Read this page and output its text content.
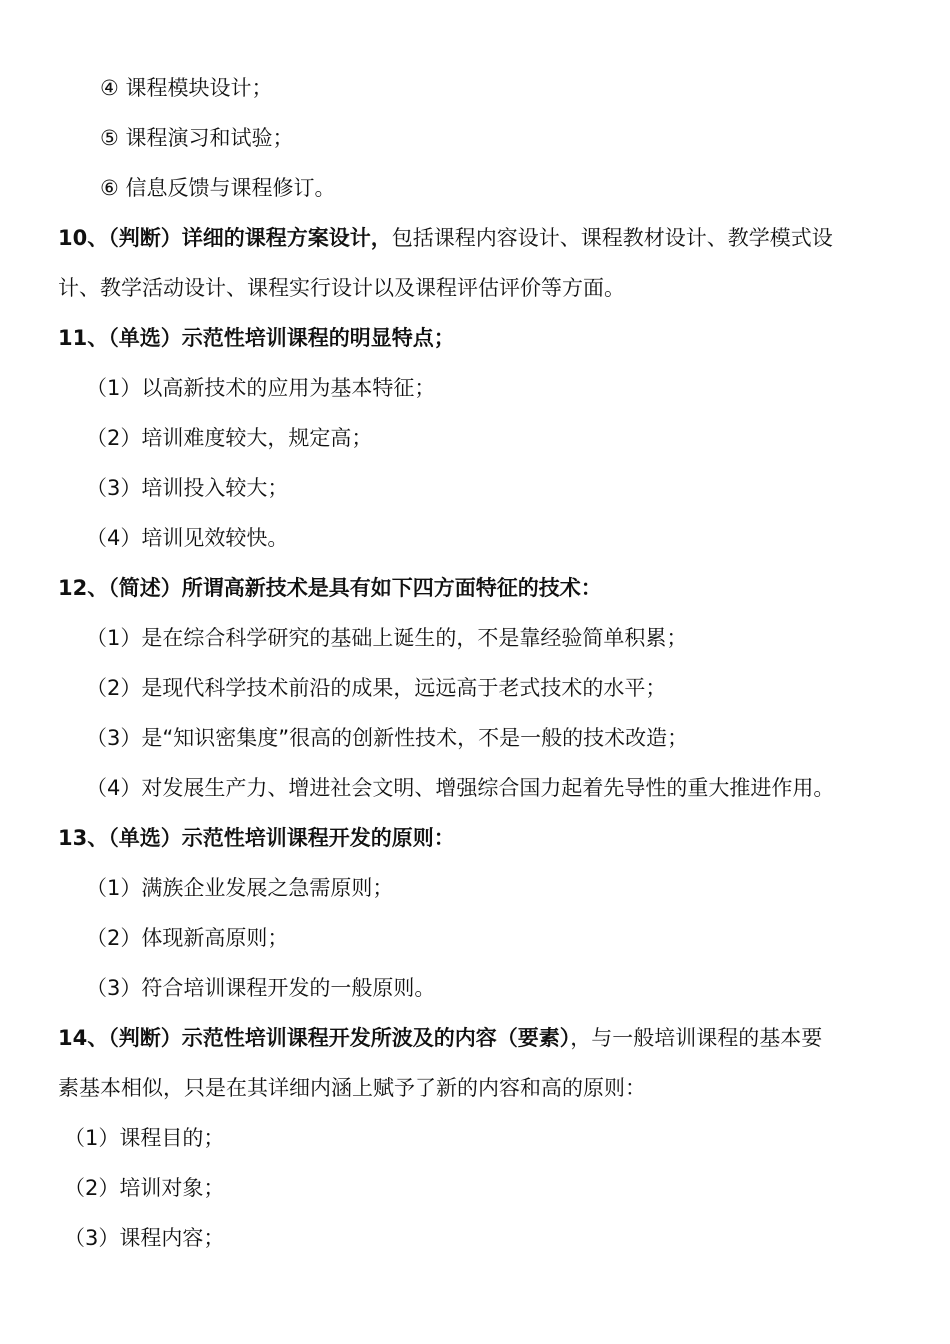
④ 课程模块设计；
⑤ 课程演习和试验；
⑥ 信息反馈与课程修订。
10、（判断）详细的课程方案设计，包括课程内容设计、课程教材设计、教学模式设
计、教学活动设计、课程实行设计以及课程评估评价等方面。
11、（单选）示范性培训课程的明显特点；
（1）以高新技术的应用为基本特征；
（2）培训难度较大，规定高；
（3）培训投入较大；
（4）培训见效较快。
12、（简述）所谓高新技术是具有如下四方面特征的技术：
（1）是在综合科学研究的基础上诞生的，不是靠经验简单积累；
（2）是现代科学技术前沿的成果，远远高于老式技术的水平；
（3）是“知识密集度”很高的创新性技术，不是一般的技术改造；
（4）对发展生产力、增进社会文明、增强综合国力起着先导性的重大推进作用。
13、（单选）示范性培训课程开发的原则：
（1）满族企业发展之急需原则；
（2）体现新高原则；
（3）符合培训课程开发的一般原则。
14、（判断）示范性培训课程开发所波及的内容（要素），与一般培训课程的基本要
素基本相似，只是在其详细内涵上赋予了新的内容和高的原则：
（1）课程目的；
（2）培训对象；
（3）课程内容；
